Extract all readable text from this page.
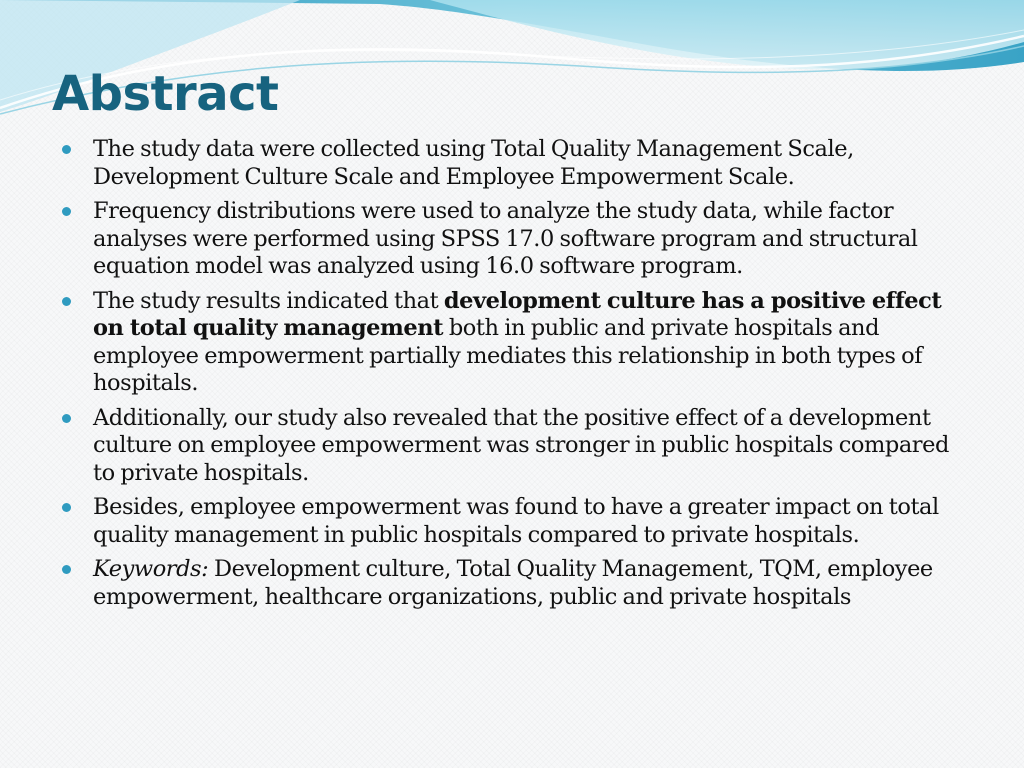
Abstract
The study data were collected using Total Quality Management Scale, Development Culture Scale and Employee Empowerment Scale.
Frequency distributions were used to analyze the study data, while factor analyses were performed using SPSS 17.0 software program and structural equation model was analyzed using 16.0 software program.
The study results indicated that development culture has a positive effect on total quality management both in public and private hospitals and employee empowerment partially mediates this relationship in both types of hospitals.
Additionally, our study also revealed that the positive effect of a development culture on employee empowerment was stronger in public hospitals compared to private hospitals.
Besides, employee empowerment was found to have a greater impact on total quality management in public hospitals compared to private hospitals.
Keywords: Development culture, Total Quality Management, TQM, employee empowerment, healthcare organizations, public and private hospitals
